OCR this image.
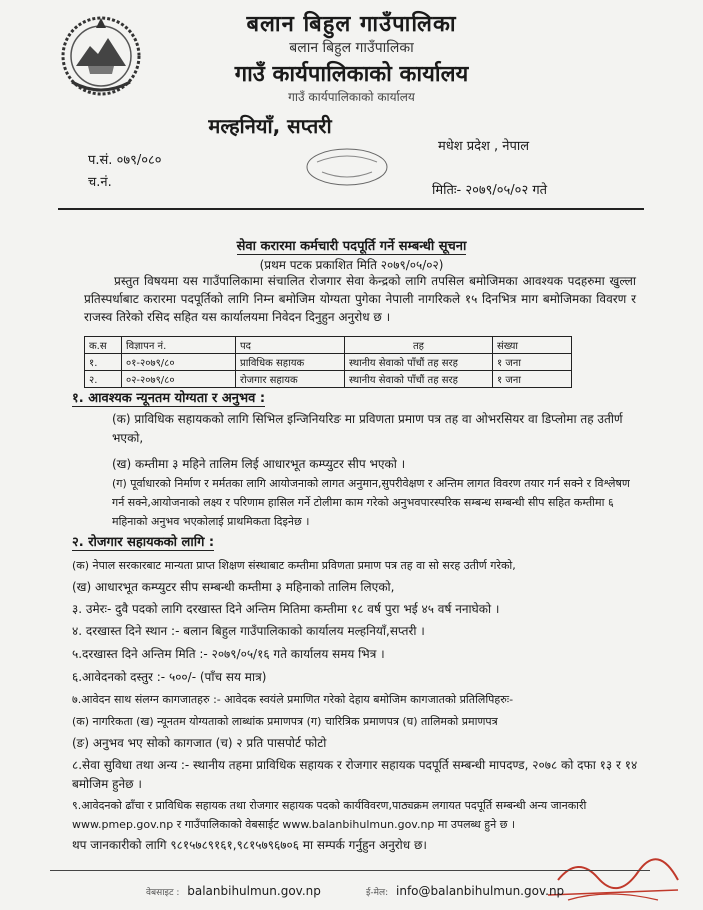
बलान बिहुल गाउँपालिका
बलान बिहुल गाउँपालिका
गाउँ कार्यपालिकाको कार्यालय
गाउँ कार्यपालिकाको कार्यालय
मल्हनियाँ, सप्तरी
मधेश प्रदेश , नेपाल
प.सं. ०७९/०८०
च.नं.
मितिः- २०७९/०५/०२ गते
सेवा करारमा कर्मचारी पदपूर्ति गर्ने सम्बन्धी सूचना
(प्रथम पटक प्रकाशित मिति २०७९/०५/०२)
प्रस्तुत विषयमा यस गाउँपालिकामा संचालित रोजगार सेवा केन्द्रको लागि तपसिल बमोजिमका आवश्यक पदहरुमा खुल्ला प्रतिस्पर्धाबाट करारमा पदपूर्तिको लागि निम्न बमोजिम योग्यता पुगेका नेपाली नागरिकले १५ दिनभित्र माग बमोजिमका विवरण र राजस्व तिरेको रसिद सहित यस कार्यालयमा निवेदन दिनुहुन अनुरोध छ ।
क.स	विज्ञापन नं.	पद	तह	संख्या
१.	०१-२०७९/८०	प्राविधिक सहायक	स्थानीय सेवाको पाँचौं तह सरह	१ जना
२.	०२-२०७९/८०	रोजगार सहायक	स्थानीय सेवाको पाँचौं तह सरह	१ जना
१. आवश्यक न्यूनतम योग्यता र अनुभव :
(क) प्राविधिक सहायकको लागि सिभिल इन्जिनियरिङ मा प्रविणता प्रमाण पत्र तह वा ओभरसियर वा डिप्लोमा तह उतीर्ण भएको,
(ख) कम्तीमा ३ महिने तालिम लिई आधारभूत कम्प्युटर सीप भएको ।
(ग) पूर्वाधारको निर्माण र मर्मतका लागि आयोजनाको लागत अनुमान,सुपरीवेक्षण र अन्तिम लागत विवरण तयार गर्न सक्ने र विश्लेषण गर्न सक्ने,आयोजनाको लक्ष्य र परिणाम हासिल गर्ने टोलीमा काम गरेको अनुभवपारस्परिक सम्बन्ध सम्बन्धी सीप सहित कम्तीमा ६ महिनाको अनुभव भएकोलाई प्राथमिकता दिइनेछ ।
२. रोजगार सहायकको लागि :
(क) नेपाल सरकारबाट मान्यता प्राप्त शिक्षण संस्थाबाट कम्तीमा प्रविणता प्रमाण पत्र तह वा सो सरह उतीर्ण गरेको,
(ख) आधारभूत कम्प्युटर सीप सम्बन्धी कम्तीमा ३ महिनाको तालिम लिएको,
३. उमेरः- दुवै पदको लागि दरखास्त दिने अन्तिम मितिमा कम्तीमा १८ वर्ष पुरा भई ४५ वर्ष ननाघेको ।
४. दरखास्त दिने स्थान :- बलान बिहुल गाउँपालिकाको कार्यालय मल्हनियाँ,सप्तरी ।
५.दरखास्त दिने अन्तिम मिति :- २०७९/०५/१६ गते कार्यालय समय भित्र ।
६.आवेदनको दस्तुर :- ५००/- (पाँच सय मात्र)
७.आवेदन साथ संलग्न कागजातहरु :- आवेदक स्वयंले प्रमाणित गरेको देहाय बमोजिम कागजातको प्रतिलिपिहरुः-
(क) नागरिकता (ख) न्यूनतम योग्यताको लाब्धांक प्रमाणपत्र (ग) चारित्रिक प्रमाणपत्र (घ) तालिमको प्रमाणपत्र
(ङ) अनुभव भए सोको कागजात (च) २ प्रति पासपोर्ट फोटो
८.सेवा सुविधा तथा अन्य :- स्थानीय तहमा प्राविधिक सहायक र रोजगार सहायक पदपूर्ति सम्बन्धी मापदण्ड, २०७८ को दफा १३ र १४ बमोजिम हुनेछ ।
९.आवेदनको ढाँचा र प्राविधिक सहायक तथा रोजगार सहायक पदको कार्यविवरण,पाठ्यक्रम लगायत पदपूर्ति सम्बन्धी अन्य जानकारी www.pmep.gov.np र गाउँपालिकाको वेबसाईट www.balanbihulmun.gov.np मा उपलब्ध हुने छ ।
थप जानकारीको लागि ९८१५७८९१६१,९८१५७९६७०६ मा सम्पर्क गर्नुहुन अनुरोध छ।
वेबसाइट : balanbihulmun.gov.np	ई-मेल: info@balanbihulmun.gov.np
